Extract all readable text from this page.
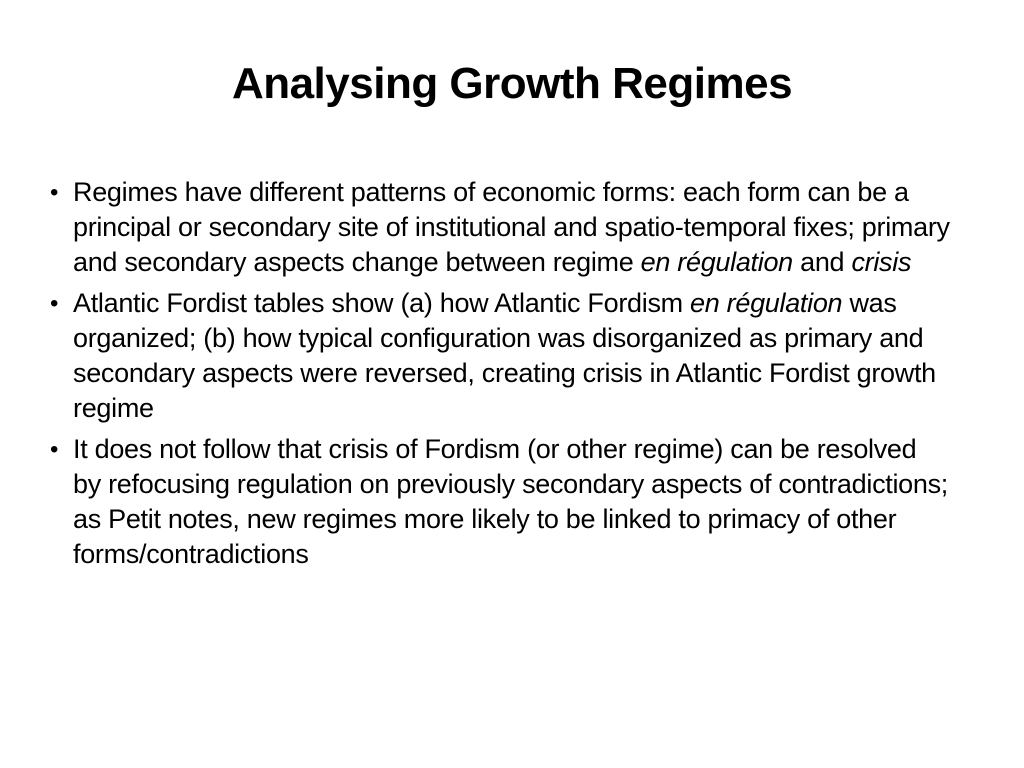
Analysing Growth Regimes
• Regimes have different patterns of economic forms: each form can be a principal or secondary site of institutional and spatio-temporal fixes; primary and secondary aspects change between regime en régulation and crisis
• Atlantic Fordist tables show (a) how Atlantic Fordism en régulation was organized; (b) how typical configuration was disorganized as primary and secondary aspects were reversed, creating crisis in Atlantic Fordist growth regime
• It does not follow that crisis of Fordism (or other regime) can be resolved by refocusing regulation on previously secondary aspects of contradictions; as Petit notes, new regimes more likely to be linked to primacy of other forms/contradictions
